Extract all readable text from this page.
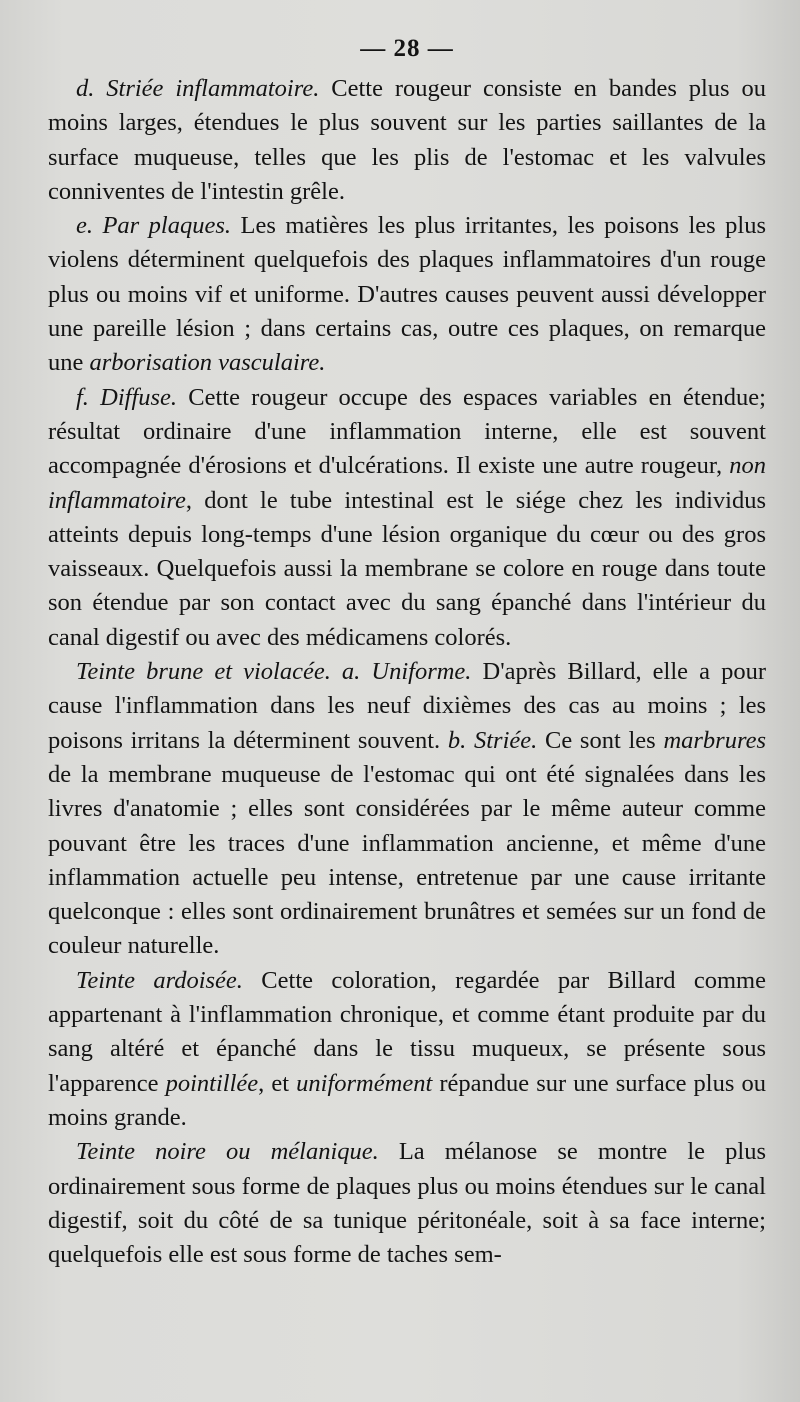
— 28 —

d. Striée inflammatoire. Cette rougeur consiste en bandes plus ou moins larges, étendues le plus souvent sur les parties saillantes de la surface muqueuse, telles que les plis de l'estomac et les valvules conniventes de l'intestin grêle.

e. Par plaques. Les matières les plus irritantes, les poisons les plus violens déterminent quelquefois des plaques inflammatoires d'un rouge plus ou moins vif et uniforme. D'autres causes peuvent aussi développer une pareille lésion ; dans certains cas, outre ces plaques, on remarque une arborisation vasculaire.

f. Diffuse. Cette rougeur occupe des espaces variables en étendue; résultat ordinaire d'une inflammation interne, elle est souvent accompagnée d'érosions et d'ulcérations. Il existe une autre rougeur, non inflammatoire, dont le tube intestinal est le siége chez les individus atteints depuis long-temps d'une lésion organique du cœur ou des gros vaisseaux. Quelquefois aussi la membrane se colore en rouge dans toute son étendue par son contact avec du sang épanché dans l'intérieur du canal digestif ou avec des médicamens colorés.

Teinte brune et violacée. a. Uniforme. D'après Billard, elle a pour cause l'inflammation dans les neuf dixièmes des cas au moins ; les poisons irritans la déterminent souvent. b. Striée. Ce sont les marbrures de la membrane muqueuse de l'estomac qui ont été signalées dans les livres d'anatomie ; elles sont considérées par le même auteur comme pouvant être les traces d'une inflammation ancienne, et même d'une inflammation actuelle peu intense, entretenue par une cause irritante quelconque : elles sont ordinairement brunâtres et semées sur un fond de couleur naturelle.

Teinte ardoisée. Cette coloration, regardée par Billard comme appartenant à l'inflammation chronique, et comme étant produite par du sang altéré et épanché dans le tissu muqueux, se présente sous l'apparence pointillée, et uniformément répandue sur une surface plus ou moins grande.

Teinte noire ou mélanique. La mélanose se montre le plus ordinairement sous forme de plaques plus ou moins étendues sur le canal digestif, soit du côté de sa tunique péritonéale, soit à sa face interne; quelquefois elle est sous forme de taches sem-
